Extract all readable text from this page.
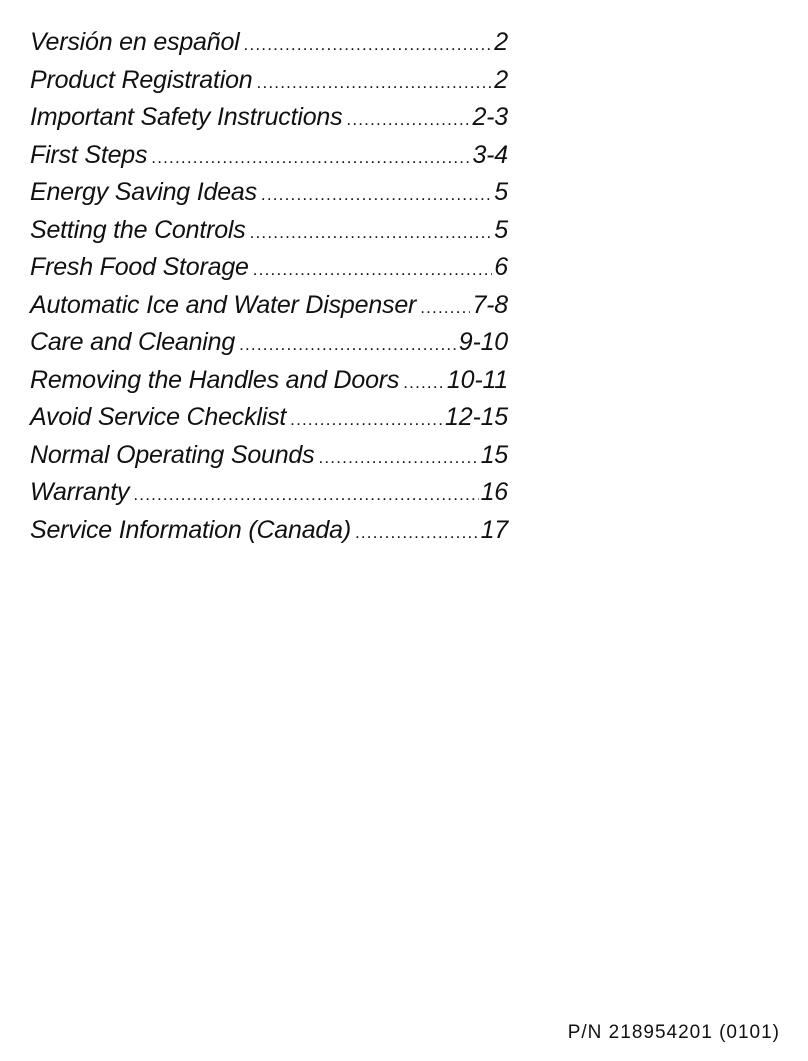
Versión en español .....	2
Product Registration .....	2
Important Safety Instructions .....	2-3
First Steps .....	3-4
Energy Saving Ideas .....	5
Setting the Controls .....	5
Fresh Food Storage .....	6
Automatic Ice and Water Dispenser ..... 7-8
Care and Cleaning .....	9-10
Removing the Handles and Doors ..... 10-11
Avoid Service Checklist .....	12-15
Normal Operating Sounds .....	15
Warranty .....	16
Service Information (Canada) .....	17
P/N 218954201 (0101)
